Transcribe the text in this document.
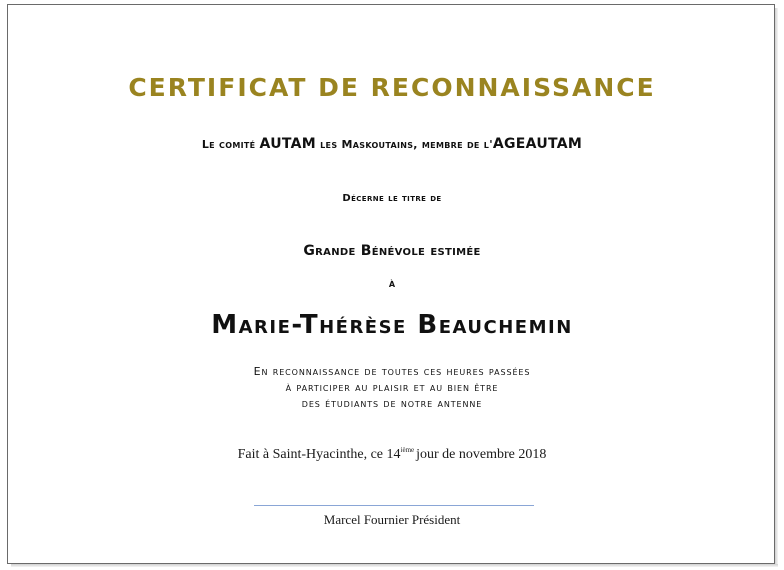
CERTIFICAT DE RECONNAISSANCE
Le comité AUTAM les Maskoutains, membre de l'AGEAUTAM
Décerne le titre de
Grande Bénévole estimée
à
Marie-Thérèse Beauchemin
En reconnaissance de toutes ces heures passées
à participer au plaisir et au bien être
des étudiants de notre antenne
Fait à Saint-Hyacinthe, ce 14ième jour de novembre 2018
Marcel Fournier Président
